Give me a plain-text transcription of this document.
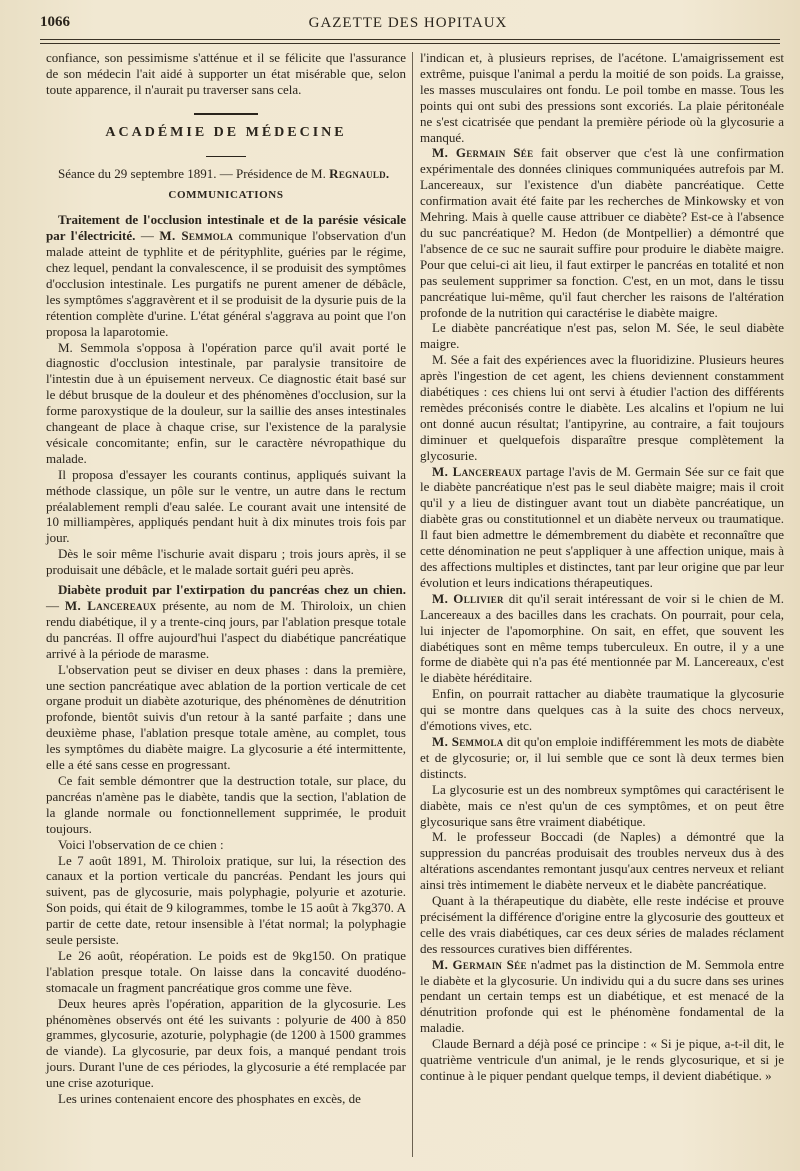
1066	GAZETTE DES HOPITAUX

confiance, son pessimisme s'atténue et il se félicite que l'assurance de son médecin l'ait aidé à supporter un état misérable que, selon toute apparence, il n'aurait pu traverser sans cela.

ACADÉMIE DE MÉDECINE

Séance du 29 septembre 1891. — Présidence de M. Regnauld.

COMMUNICATIONS

Traitement de l'occlusion intestinale et de la parésie vésicale par l'électricité. — M. Semmola communique l'observation d'un malade atteint de typhlite et de pérityphlite, guéries par le régime, chez lequel, pendant la convalescence, il se produisit des symptômes d'occlusion intestinale. Les purgatifs ne purent amener de débâcle, les symptômes s'aggravèrent et il se produisit de la dysurie puis de la rétention complète d'urine. L'état général s'aggrava au point que l'on proposa la laparotomie.

M. Semmola s'opposa à l'opération parce qu'il avait porté le diagnostic d'occlusion intestinale, par paralysie transitoire de l'intestin due à un épuisement nerveux. Ce diagnostic était basé sur le début brusque de la douleur et des phénomènes d'occlusion, sur la forme paroxystique de la douleur, sur la saillie des anses intestinales changeant de place à chaque crise, sur l'existence de la paralysie vésicale concomitante; enfin, sur le caractère névropathique du malade.

Il proposa d'essayer les courants continus, appliqués suivant la méthode classique, un pôle sur le ventre, un autre dans le rectum préalablement rempli d'eau salée. Le courant avait une intensité de 10 milliampères, appliqués pendant huit à dix minutes trois fois par jour.

Dès le soir même l'ischurie avait disparu ; trois jours après, il se produisait une débâcle, et le malade sortait guéri peu après.

Diabète produit par l'extirpation du pancréas chez un chien. — M. Lancereaux présente, au nom de M. Thiroloix, un chien rendu diabétique, il y a trente-cinq jours, par l'ablation presque totale du pancréas. Il offre aujourd'hui l'aspect du diabétique pancréatique arrivé à la période de marasme.

L'observation peut se diviser en deux phases : dans la première, une section pancréatique avec ablation de la portion verticale de cet organe produit un diabète azoturique, des phénomènes de dénutrition profonde, bientôt suivis d'un retour à la santé parfaite ; dans une deuxième phase, l'ablation presque totale amène, au complet, tous les symptômes du diabète maigre. La glycosurie a été intermittente, elle a été sans cesse en progressant.

Ce fait semble démontrer que la destruction totale, sur place, du pancréas n'amène pas le diabète, tandis que la section, l'ablation de la glande normale ou fonctionnellement supprimée, le produit toujours.

Voici l'observation de ce chien :

Le 7 août 1891, M. Thiroloix pratique, sur lui, la résection des canaux et la portion verticale du pancréas. Pendant les jours qui suivent, pas de glycosurie, mais polyphagie, polyurie et azoturie. Son poids, qui était de 9 kilogrammes, tombe le 15 août à 7kg370. A partir de cette date, retour insensible à l'état normal; la polyphagie seule persiste.

Le 26 août, réopération. Le poids est de 9kg150. On pratique l'ablation presque totale. On laisse dans la concavité duodéno-stomacale un fragment pancréatique gros comme une fève.

Deux heures après l'opération, apparition de la glycosurie. Les phénomènes observés ont été les suivants : polyurie de 400 à 850 grammes, glycosurie, azoturie, polyphagie (de 1200 à 1500 grammes de viande). La glycosurie, par deux fois, a manqué pendant trois jours. Durant l'une de ces périodes, la glycosurie a été remplacée par une crise azoturique.

Les urines contenaient encore des phosphates en excès, de

l'indican et, à plusieurs reprises, de l'acétone. L'amaigrissement est extrême, puisque l'animal a perdu la moitié de son poids. La graisse, les masses musculaires ont fondu. Le poil tombe en masse. Tous les points qui ont subi des pressions sont excoriés. La plaie péritonéale ne s'est cicatrisée que pendant la première période où la glycosurie a manqué.

M. Germain Sée fait observer que c'est là une confirmation expérimentale des données cliniques communiquées autrefois par M. Lancereaux, sur l'existence d'un diabète pancréatique. Cette confirmation avait été faite par les recherches de Minkowsky et von Mehring. Mais à quelle cause attribuer ce diabète? Est-ce à l'absence du suc pancréatique? M. Hedon (de Montpellier) a démontré que l'absence de ce suc ne saurait suffire pour produire le diabète maigre. Pour que celui-ci ait lieu, il faut extirper le pancréas en totalité et non pas seulement supprimer sa fonction. C'est, en un mot, dans le tissu pancréatique lui-même, qu'il faut chercher les raisons de l'altération profonde de la nutrition qui caractérise le diabète maigre.

Le diabète pancréatique n'est pas, selon M. Sée, le seul diabète maigre.

M. Sée a fait des expériences avec la fluoridizine. Plusieurs heures après l'ingestion de cet agent, les chiens deviennent constamment diabétiques : ces chiens lui ont servi à étudier l'action des différents remèdes préconisés contre le diabète. Les alcalins et l'opium ne lui ont donné aucun résultat; l'antipyrine, au contraire, a fait toujours diminuer et quelquefois disparaître presque complètement la glycosurie.

M. Lancereaux partage l'avis de M. Germain Sée sur ce fait que le diabète pancréatique n'est pas le seul diabète maigre; mais il croit qu'il y a lieu de distinguer avant tout un diabète pancréatique, un diabète gras ou constitutionnel et un diabète nerveux ou traumatique. Il faut bien admettre le démembrement du diabète et reconnaître que cette dénomination ne peut s'appliquer à une affection unique, mais à des affections multiples et distinctes, tant par leur origine que par leur évolution et leurs indications thérapeutiques.

M. Ollivier dit qu'il serait intéressant de voir si le chien de M. Lancereaux a des bacilles dans les crachats. On pourrait, pour cela, lui injecter de l'apomorphine. On sait, en effet, que souvent les diabétiques sont en même temps tuberculeux. En outre, il y a une forme de diabète qui n'a pas été mentionnée par M. Lancereaux, c'est le diabète héréditaire.

Enfin, on pourrait rattacher au diabète traumatique la glycosurie qui se montre dans quelques cas à la suite des chocs nerveux, d'émotions vives, etc.

M. Semmola dit qu'on emploie indifféremment les mots de diabète et de glycosurie; or, il lui semble que ce sont là deux termes bien distincts.

La glycosurie est un des nombreux symptômes qui caractérisent le diabète, mais ce n'est qu'un de ces symptômes, et on peut être glycosurique sans être vraiment diabétique.

M. le professeur Boccadi (de Naples) a démontré que la suppression du pancréas produisait des troubles nerveux dus à des altérations ascendantes remontant jusqu'aux centres nerveux et reliant ainsi très intimement le diabète nerveux et le diabète pancréatique.

Quant à la thérapeutique du diabète, elle reste indécise et prouve précisément la différence d'origine entre la glycosurie des goutteux et celle des vrais diabétiques, car ces deux séries de malades réclament des ressources curatives bien différentes.

M. Germain Sée n'admet pas la distinction de M. Semmola entre le diabète et la glycosurie. Un individu qui a du sucre dans ses urines pendant un certain temps est un diabétique, et est menacé de la dénutrition profonde qui est le phénomène fondamental de la maladie.

Claude Bernard a déjà posé ce principe : « Si je pique, a-t-il dit, le quatrième ventricule d'un animal, je le rends glycosurique, et si je continue à le piquer pendant quelque temps, il devient diabétique. »
